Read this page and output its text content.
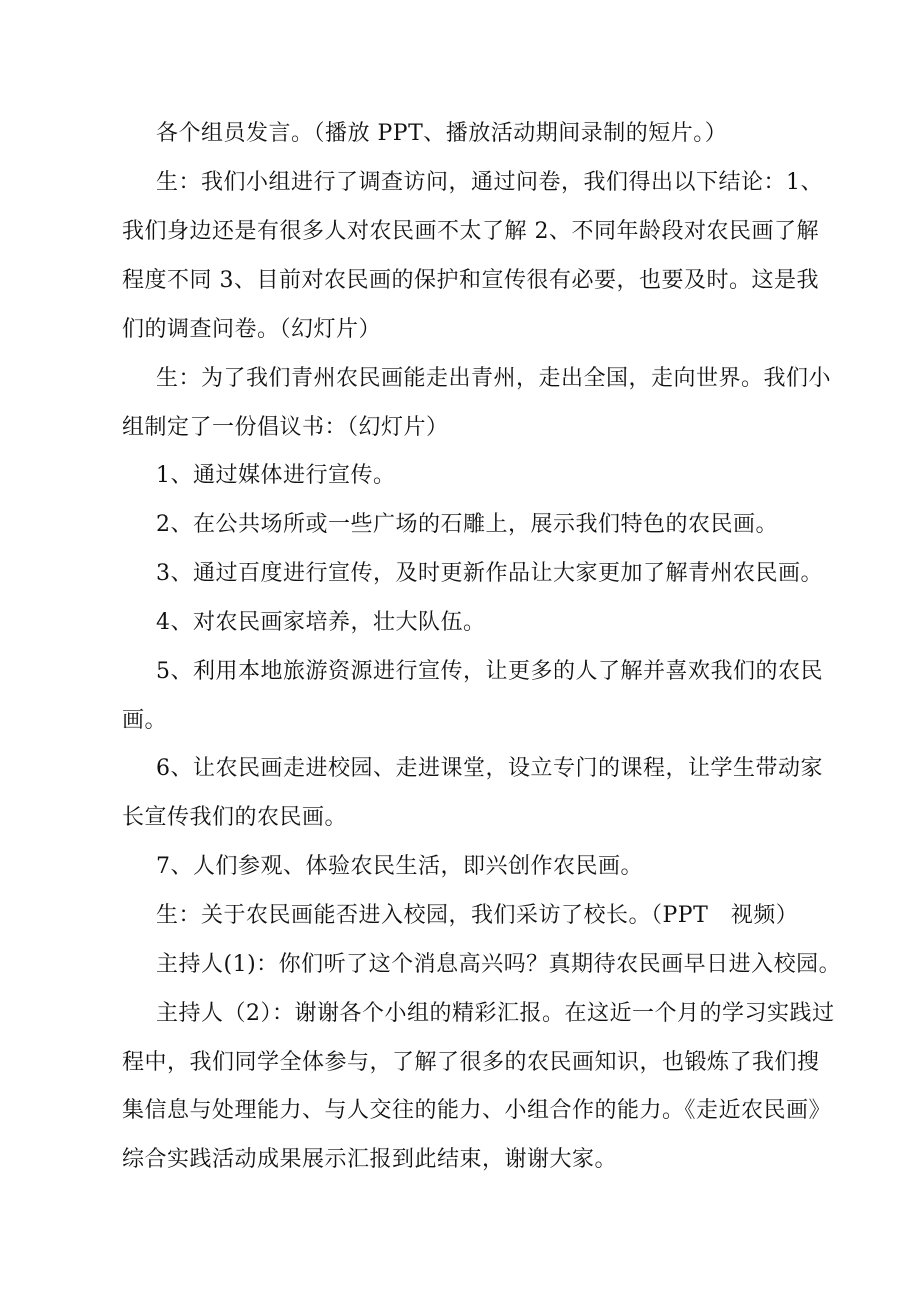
各个组员发言。（播放 PPT、播放活动期间录制的短片。）
生：我们小组进行了调查访问，通过问卷，我们得出以下结论：1、
我们身边还是有很多人对农民画不太了解 2、不同年龄段对农民画了解
程度不同 3、目前对农民画的保护和宣传很有必要，也要及时。这是我
们的调查问卷。（幻灯片）
生：为了我们青州农民画能走出青州，走出全国，走向世界。我们小
组制定了一份倡议书：（幻灯片）
1、通过媒体进行宣传。
2、在公共场所或一些广场的石雕上，展示我们特色的农民画。
3、通过百度进行宣传，及时更新作品让大家更加了解青州农民画。
4、对农民画家培养，壮大队伍。
5、利用本地旅游资源进行宣传，让更多的人了解并喜欢我们的农民
画。
6、让农民画走进校园、走进课堂，设立专门的课程，让学生带动家
长宣传我们的农民画。
7、人们参观、体验农民生活，即兴创作农民画。
生：关于农民画能否进入校园，我们采访了校长。（PPT　视频）
主持人(1)：你们听了这个消息高兴吗？真期待农民画早日进入校园。
主持人（2）：谢谢各个小组的精彩汇报。在这近一个月的学习实践过
程中，我们同学全体参与，了解了很多的农民画知识，也锻炼了我们搜
集信息与处理能力、与人交往的能力、小组合作的能力。《走近农民画》
综合实践活动成果展示汇报到此结束，谢谢大家。
